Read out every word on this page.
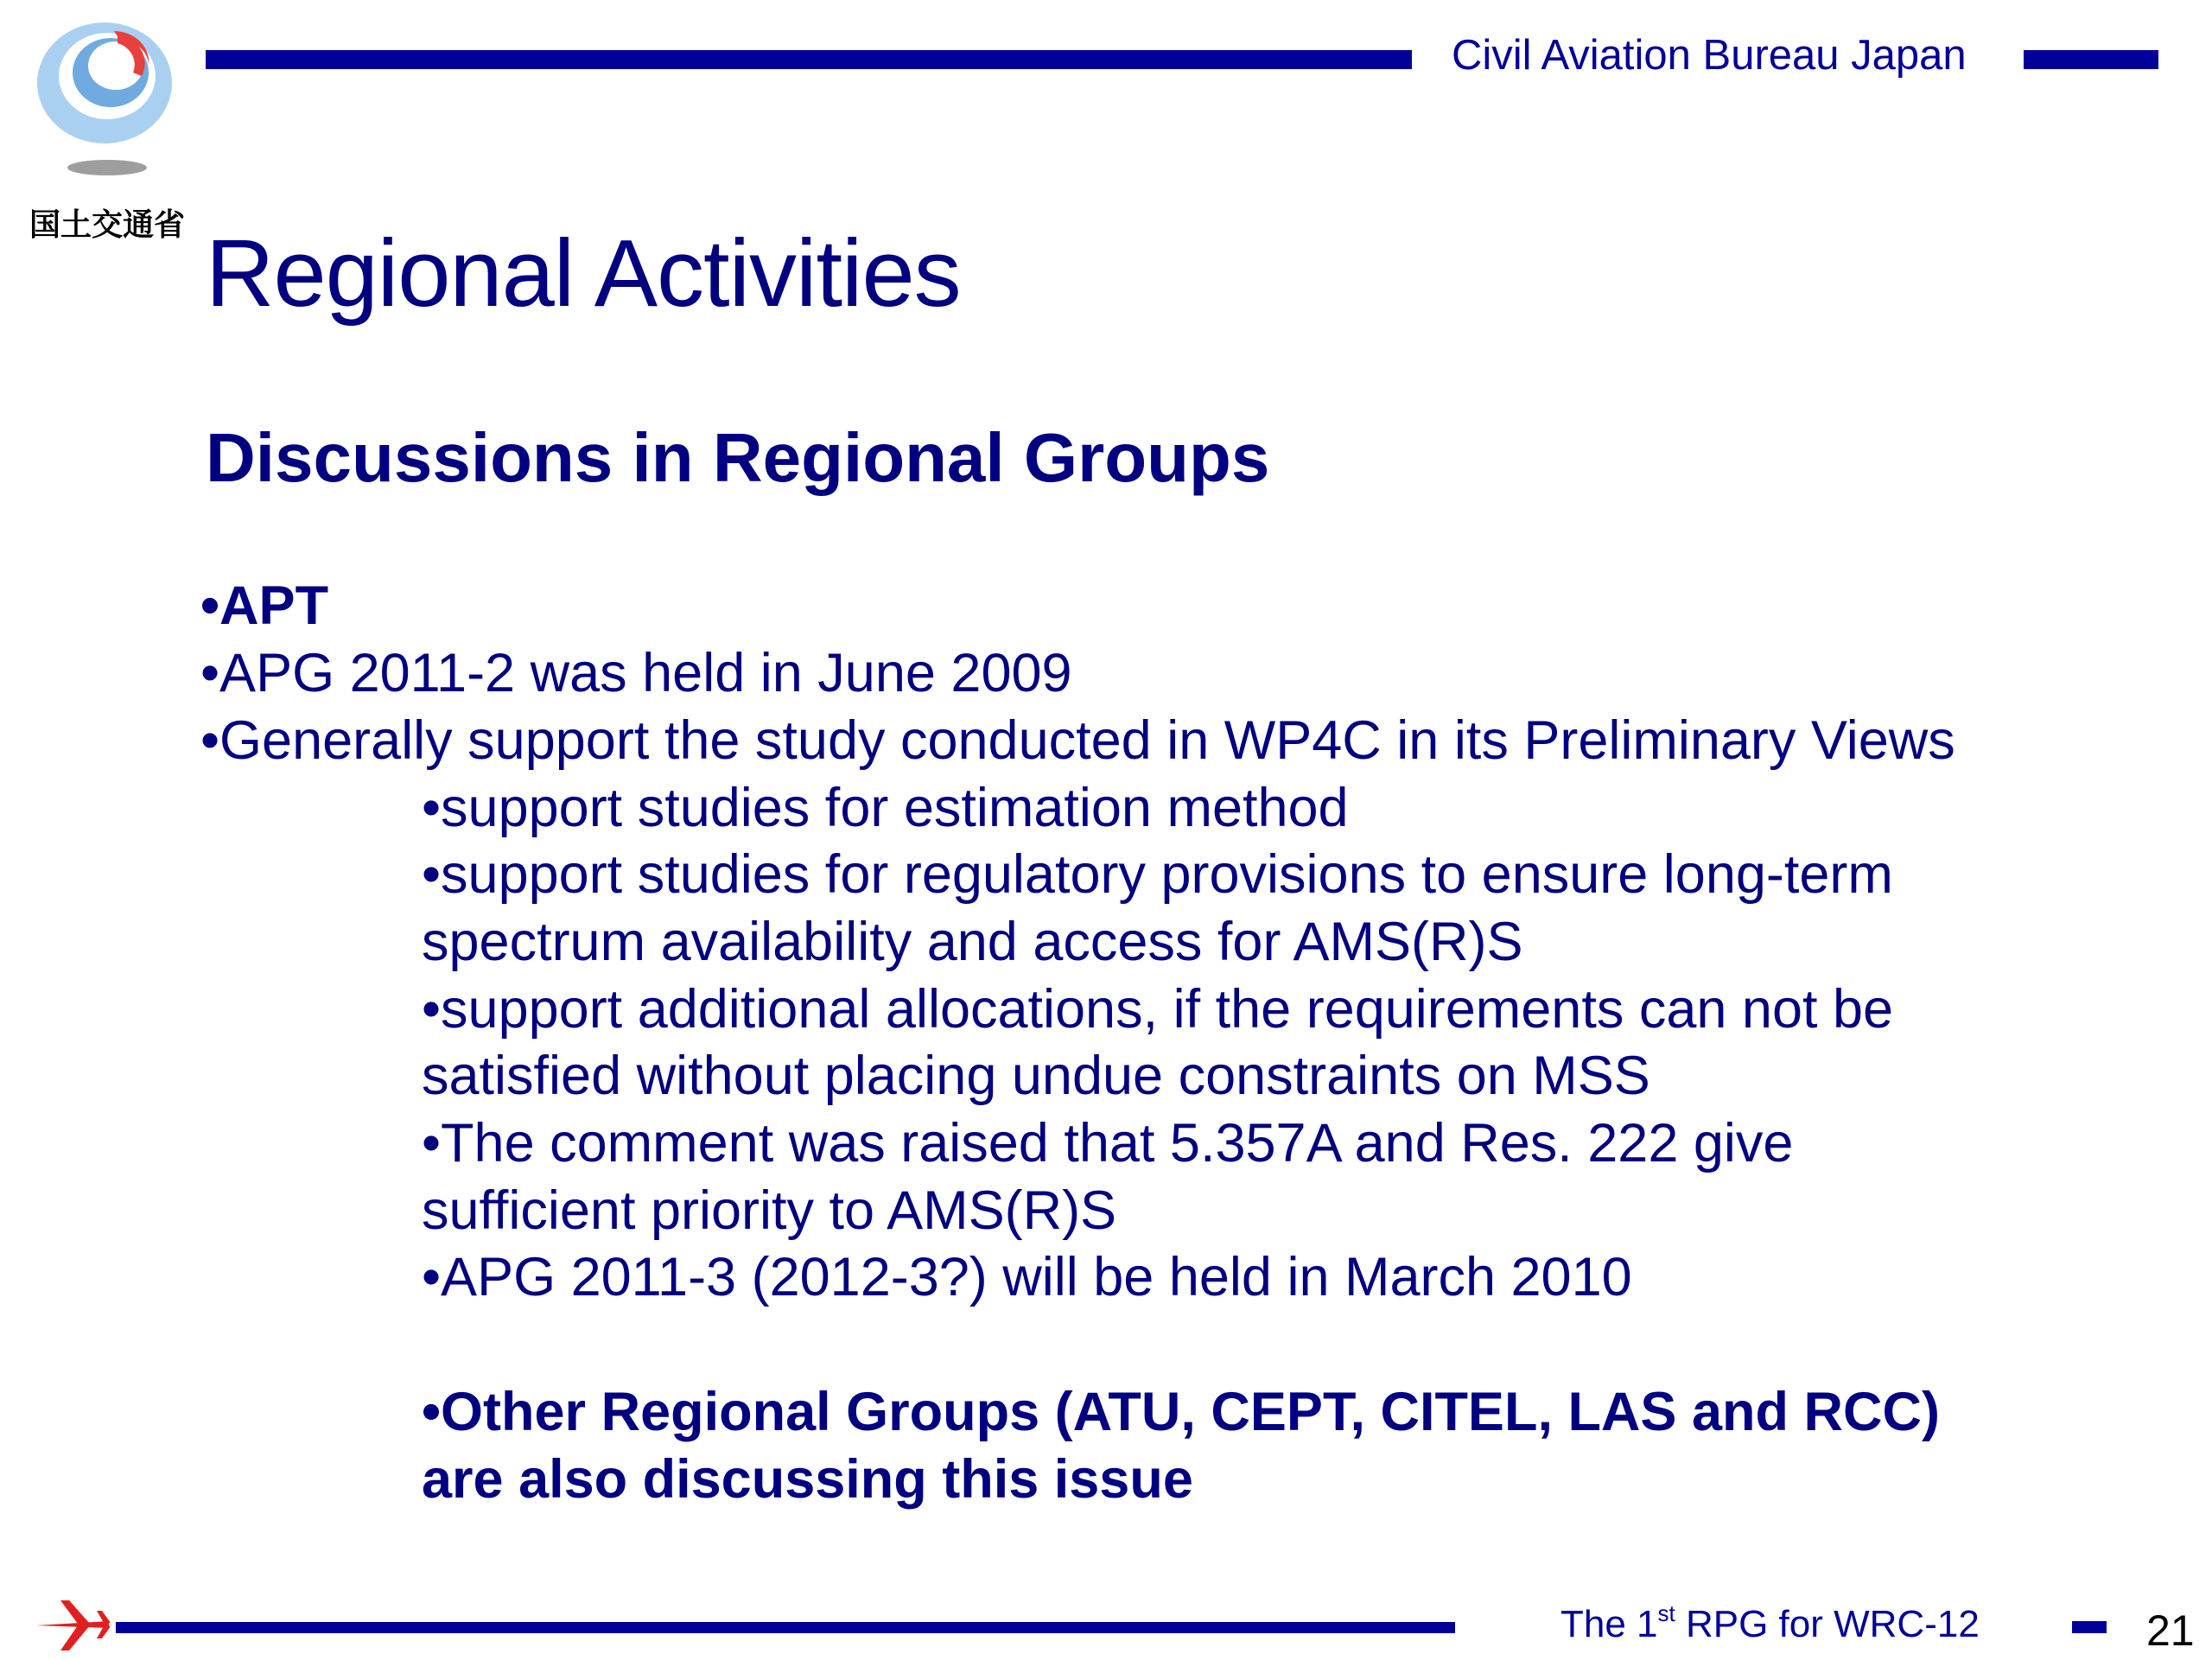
国土交通省
Civil Aviation Bureau Japan
Regional Activities
Discussions in Regional Groups
•APT
•APG 2011-2 was held in June 2009
•Generally support the study conducted in WP4C in its Preliminary Views
•support studies for estimation method
•support studies for regulatory provisions to ensure long-term
spectrum availability and access for AMS(R)S
•support additional allocations, if the requirements can not be
satisfied without placing undue constraints on MSS
•The comment was raised that 5.357A and Res. 222 give
sufficient priority to AMS(R)S
•APG 2011-3 (2012-3?) will be held in March 2010
•Other Regional Groups (ATU, CEPT, CITEL, LAS and RCC)
are also discussing this issue
The 1st RPG for WRC-12	21
